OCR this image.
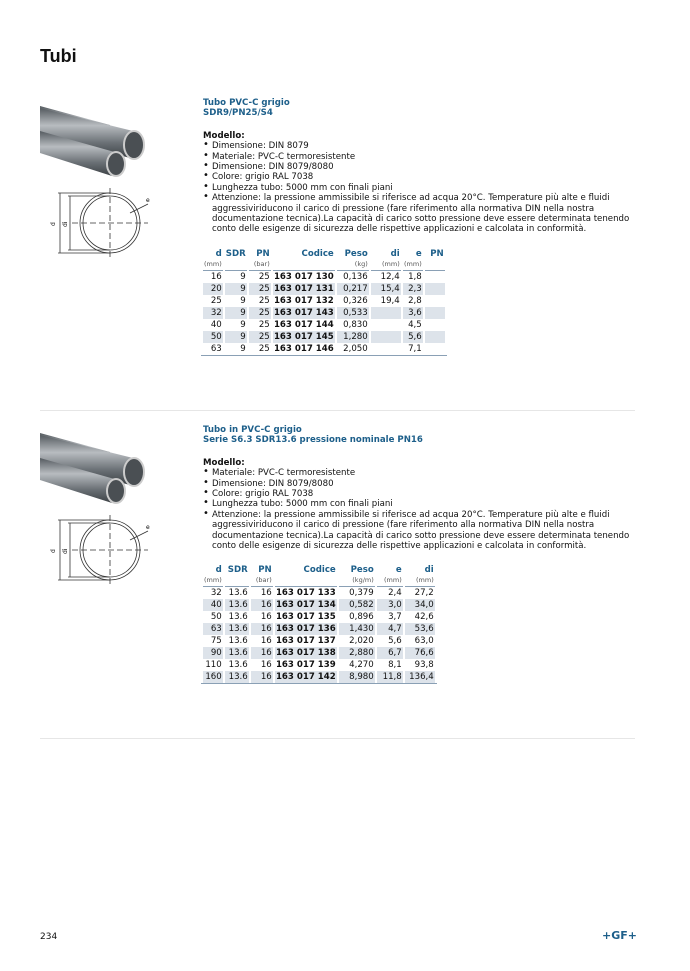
Tubi
d di
e
d di
e
Tubo PVC-C grigio
SDR9/PN25/S4
Modello:
• Dimensione: DIN 8079
• Materiale: PVC-C termoresistente
• Dimensione: DIN 8079/8080
• Colore: grigio RAL 7038
• Lunghezza tubo: 5000 mm con finali piani
• Attenzione: la pressione ammissibile si riferisce ad acqua 20°C. Temperature più alte e fluidi aggressiviriducono il carico di pressione (fare riferimento alla normativa DIN nella nostra documentazione tecnica).La capacità di carico sotto pressione deve essere determinata tenendo conto delle esigenze di sicurezza delle rispettive applicazioni e calcolata in conformità.
d	SDR	PN	Codice	Peso	di	e	PN
(mm)		(bar)		(kg)	(mm)	(mm)	
16	9	25	163 017 130	0,136	12,4	1,8	
20	9	25	163 017 131	0,217	15,4	2,3	
25	9	25	163 017 132	0,326	19,4	2,8	
32	9	25	163 017 143	0,533		3,6	
40	9	25	163 017 144	0,830		4,5	
50	9	25	163 017 145	1,280		5,6	
63	9	25	163 017 146	2,050		7,1	
Tubo in PVC-C grigio
Serie S6.3 SDR13.6 pressione nominale PN16
Modello:
• Materiale: PVC-C termoresistente
• Dimensione: DIN 8079/8080
• Colore: grigio RAL 7038
• Lunghezza tubo: 5000 mm con finali piani
• Attenzione: la pressione ammissibile si riferisce ad acqua 20°C. Temperature più alte e fluidi aggressiviriducono il carico di pressione (fare riferimento alla normativa DIN nella nostra documentazione tecnica).La capacità di carico sotto pressione deve essere determinata tenendo conto delle esigenze di sicurezza delle rispettive applicazioni e calcolata in conformità.
d	SDR	PN	Codice	Peso	e	di
(mm)		(bar)		(kg/m)	(mm)	(mm)
32	13.6	16	163 017 133	0,379	2,4	27,2
40	13.6	16	163 017 134	0,582	3,0	34,0
50	13.6	16	163 017 135	0,896	3,7	42,6
63	13.6	16	163 017 136	1,430	4,7	53,6
75	13.6	16	163 017 137	2,020	5,6	63,0
90	13.6	16	163 017 138	2,880	6,7	76,6
110	13.6	16	163 017 139	4,270	8,1	93,8
160	13.6	16	163 017 142	8,980	11,8	136,4
234	+GF+
